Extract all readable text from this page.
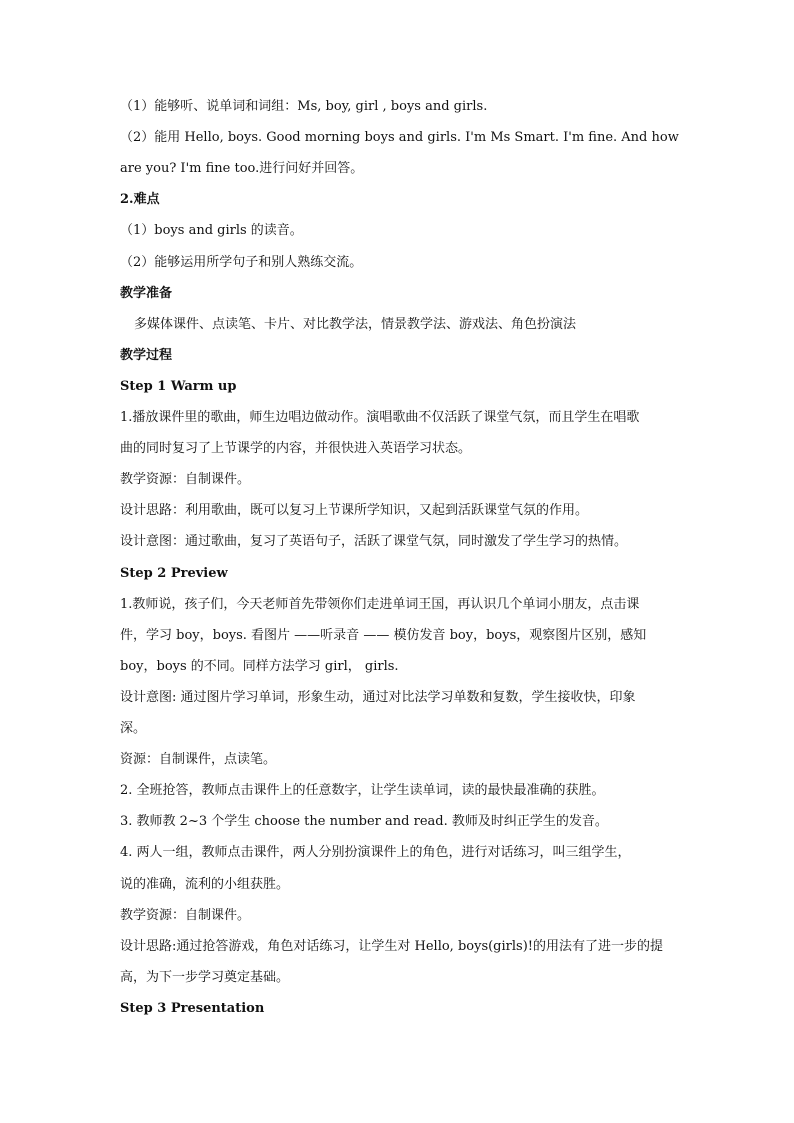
（1）能够听、说单词和词组：Ms, boy, girl , boys and girls.
（2）能用 Hello, boys. Good morning boys and girls. I'm Ms Smart. I'm fine. And how
are you? I'm fine too.进行问好并回答。
2.难点
（1）boys and girls 的读音。
（2）能够运用所学句子和别人熟练交流。
教学准备
多媒体课件、点读笔、卡片、对比教学法，情景教学法、游戏法、角色扮演法
教学过程
Step 1 Warm up
1.播放课件里的歌曲，师生边唱边做动作。演唱歌曲不仅活跃了课堂气氛，而且学生在唱歌
曲的同时复习了上节课学的内容，并很快进入英语学习状态。
教学资源：自制课件。
设计思路：利用歌曲，既可以复习上节课所学知识，又起到活跃课堂气氛的作用。
设计意图：通过歌曲，复习了英语句子，活跃了课堂气氛，同时激发了学生学习的热情。
Step 2 Preview
1.教师说，孩子们，今天老师首先带领你们走进单词王国，再认识几个单词小朋友，点击课
件，学习 boy，boys. 看图片 ——听录音 —— 模仿发音 boy，boys，观察图片区别，感知
boy，boys 的不同。同样方法学习 girl， girls.
设计意图: 通过图片学习单词，形象生动，通过对比法学习单数和复数，学生接收快，印象
深。
资源：自制课件，点读笔。
2. 全班抢答，教师点击课件上的任意数字，让学生读单词，读的最快最准确的获胜。
3. 教师教 2~3 个学生 choose the number and read. 教师及时纠正学生的发音。
4. 两人一组，教师点击课件，两人分别扮演课件上的角色，进行对话练习，叫三组学生，
说的准确，流利的小组获胜。
教学资源：自制课件。
设计思路:通过抢答游戏，角色对话练习，让学生对 Hello, boys(girls)!的用法有了进一步的提
高，为下一步学习奠定基础。
Step 3 Presentation
